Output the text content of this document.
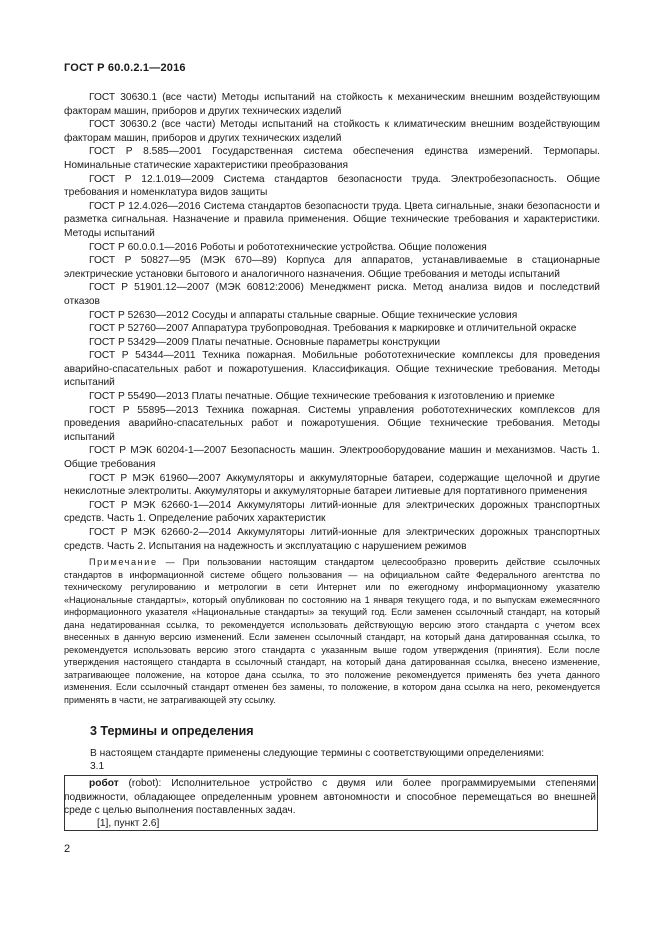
ГОСТ Р 60.0.2.1—2016

ГОСТ 30630.1 (все части) Методы испытаний на стойкость к механическим внешним воздействующим факторам машин, приборов и других технических изделий

ГОСТ 30630.2 (все части) Методы испытаний на стойкость к климатическим внешним воздействующим факторам машин, приборов и других технических изделий

ГОСТ Р 8.585—2001 Государственная система обеспечения единства измерений. Термопары. Номинальные статические характеристики преобразования

ГОСТ Р 12.1.019—2009 Система стандартов безопасности труда. Электробезопасность. Общие требования и номенклатура видов защиты

ГОСТ Р 12.4.026—2016 Система стандартов безопасности труда. Цвета сигнальные, знаки безопасности и разметка сигнальная. Назначение и правила применения. Общие технические требования и характеристики. Методы испытаний

ГОСТ Р 60.0.0.1—2016 Роботы и робототехнические устройства. Общие положения

ГОСТ Р 50827—95 (МЭК 670—89) Корпуса для аппаратов, устанавливаемые в стационарные электрические установки бытового и аналогичного назначения. Общие требования и методы испытаний

ГОСТ Р 51901.12—2007 (МЭК 60812:2006) Менеджмент риска. Метод анализа видов и последствий отказов

ГОСТ Р 52630—2012 Сосуды и аппараты стальные сварные. Общие технические условия

ГОСТ Р 52760—2007 Аппаратура трубопроводная. Требования к маркировке и отличительной окраске

ГОСТ Р 53429—2009 Платы печатные. Основные параметры конструкции

ГОСТ Р 54344—2011 Техника пожарная. Мобильные робототехнические комплексы для проведения аварийно-спасательных работ и пожаротушения. Классификация. Общие технические требования. Методы испытаний

ГОСТ Р 55490—2013 Платы печатные. Общие технические требования к изготовлению и приемке

ГОСТ Р 55895—2013 Техника пожарная. Системы управления робототехнических комплексов для проведения аварийно-спасательных работ и пожаротушения. Общие технические требования. Методы испытаний

ГОСТ Р МЭК 60204-1—2007 Безопасность машин. Электрооборудование машин и механизмов. Часть 1. Общие требования

ГОСТ Р МЭК 61960—2007 Аккумуляторы и аккумуляторные батареи, содержащие щелочной и другие некислотные электролиты. Аккумуляторы и аккумуляторные батареи литиевые для портативного применения

ГОСТ Р МЭК 62660-1—2014 Аккумуляторы литий-ионные для электрических дорожных транспортных средств. Часть 1. Определение рабочих характеристик

ГОСТ Р МЭК 62660-2—2014 Аккумуляторы литий-ионные для электрических дорожных транспортных средств. Часть 2. Испытания на надежность и эксплуатацию с нарушением режимов

Примечание — При пользовании настоящим стандартом целесообразно проверить действие ссылочных стандартов в информационной системе общего пользования — на официальном сайте Федерального агентства по техническому регулированию и метрологии в сети Интернет или по ежегодному информационному указателю «Национальные стандарты», который опубликован по состоянию на 1 января текущего года, и по выпускам ежемесячного информационного указателя «Национальные стандарты» за текущий год. Если заменен ссылочный стандарт, на который дана недатированная ссылка, то рекомендуется использовать действующую версию этого стандарта с учетом всех внесенных в данную версию изменений. Если заменен ссылочный стандарт, на который дана датированная ссылка, то рекомендуется использовать версию этого стандарта с указанным выше годом утверждения (принятия). Если после утверждения настоящего стандарта в ссылочный стандарт, на который дана датированная ссылка, внесено изменение, затрагивающее положение, на которое дана ссылка, то это положение рекомендуется применять без учета данного изменения. Если ссылочный стандарт отменен без замены, то положение, в котором дана ссылка на него, рекомендуется применять в части, не затрагивающей эту ссылку.

3 Термины и определения
В настоящем стандарте применены следующие термины с соответствующими определениями:
3.1

робот (robot): Исполнительное устройство с двумя или более программируемыми степенями подвижности, обладающее определенным уровнем автономности и способное перемещаться во внешней среде с целью выполнения поставленных задач.

[1], пункт 2.6]
2
